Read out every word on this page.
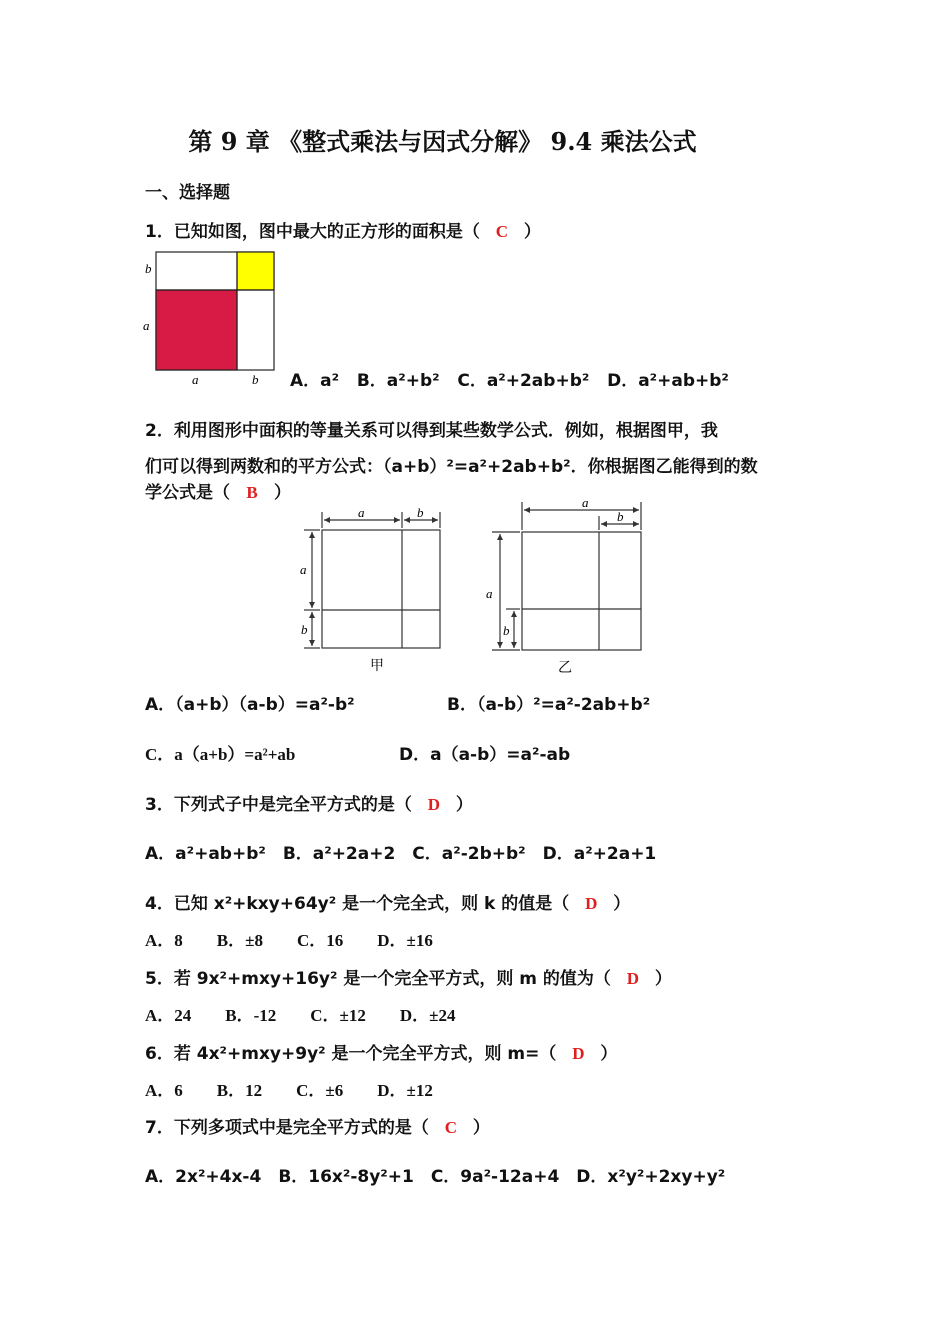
第 9 章 《整式乘法与因式分解》 9.4 乘法公式
一、选择题
1．已知如图，图中最大的正方形的面积是（ C ）
b
a
a	b A．a² B．a²+b² C．a²+2ab+b² D．a²+ab+b²
2．利用图形中面积的等量关系可以得到某些数学公式．例如，根据图甲，我
们可以得到两数和的平方公式：（a+b）²=a²+2ab+b²．你根据图乙能得到的数
学公式是（ B ）
a	b
a
b
甲
a
b
a
b
乙
A．（a+b）（a-b）=a²-b²	B．（a-b）²=a²-2ab+b²
C．a（a+b）=a²+ab	D．a（a-b）=a²-ab
3．下列式子中是完全平方式的是（ D ）
A．a²+ab+b²　B．a²+2a+2　C．a²-2b+b²　D．a²+2a+1
4．已知 x²+kxy+64y² 是一个完全式，则 k 的值是（ D ）
A．8　　B．±8　　C．16　　D．±16
5．若 9x²+mxy+16y² 是一个完全平方式，则 m 的值为（ D ）
A．24　　B．-12　　C．±12　　D．±24
6．若 4x²+mxy+9y² 是一个完全平方式，则 m=（ D ）
A．6　　B．12　　C．±6　　D．±12
7．下列多项式中是完全平方式的是（ C ）
A．2x²+4x-4　B．16x²-8y²+1　C．9a²-12a+4　D．x²y²+2xy+y²
